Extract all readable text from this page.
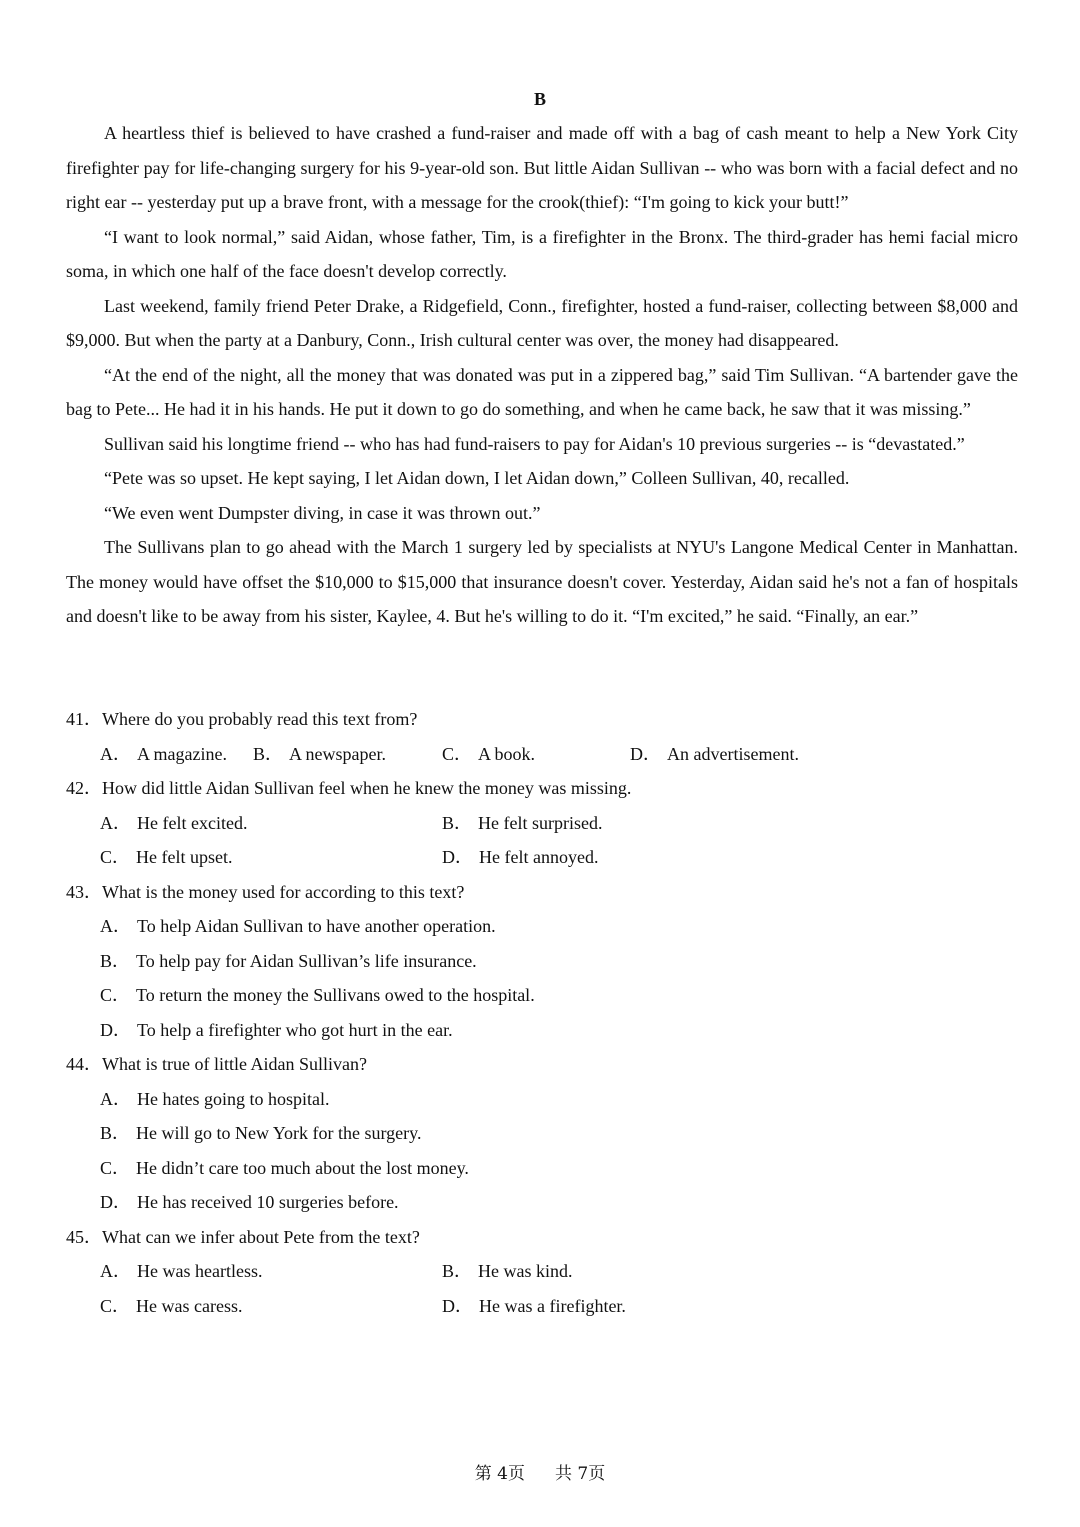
B

A heartless thief is believed to have crashed a fund-raiser and made off with a bag of cash meant to help a New York City firefighter pay for life-changing surgery for his 9-year-old son. But little Aidan Sullivan -- who was born with a facial defect and no right ear -- yesterday put up a brave front, with a message for the crook(thief): “I'm going to kick your butt!”

“I want to look normal,” said Aidan, whose father, Tim, is a firefighter in the Bronx. The third-grader has hemi facial micro soma, in which one half of the face doesn't develop correctly.

Last weekend, family friend Peter Drake, a Ridgefield, Conn., firefighter, hosted a fund-raiser, collecting between $8,000 and $9,000. But when the party at a Danbury, Conn., Irish cultural center was over, the money had disappeared.

“At the end of the night, all the money that was donated was put in a zippered bag,” said Tim Sullivan. “A bartender gave the bag to Pete... He had it in his hands. He put it down to go do something, and when he came back, he saw that it was missing.”

Sullivan said his longtime friend -- who has had fund-raisers to pay for Aidan's 10 previous surgeries -- is “devastated.”

“Pete was so upset. He kept saying, I let Aidan down, I let Aidan down,” Colleen Sullivan, 40, recalled.

“We even went Dumpster diving, in case it was thrown out.”

The Sullivans plan to go ahead with the March 1 surgery led by specialists at NYU's Langone Medical Center in Manhattan. The money would have offset the $10,000 to $15,000 that insurance doesn't cover. Yesterday, Aidan said he's not a fan of hospitals and doesn't like to be away from his sister, Kaylee, 4. But he's willing to do it. “I'm excited,” he said. “Finally, an ear.”

41．Where do you probably read this text from?
A． A magazine.	B． A newspaper.	C． A book.	D． An advertisement.
42．How did little Aidan Sullivan feel when he knew the money was missing.
A． He felt excited.	B． He felt surprised.
C． He felt upset.	D． He felt annoyed.
43．What is the money used for according to this text?
A． To help Aidan Sullivan to have another operation.
B． To help pay for Aidan Sullivan’s life insurance.
C． To return the money the Sullivans owed to the hospital.
D． To help a firefighter who got hurt in the ear.
44．What is true of little Aidan Sullivan?
A． He hates going to hospital.
B． He will go to New York for the surgery.
C． He didn’t care too much about the lost money.
D． He has received 10 surgeries before.
45．What can we infer about Pete from the text?
A． He was heartless.	B． He was kind.
C． He was caress.	D． He was a firefighter.
第 4页 共 7页
